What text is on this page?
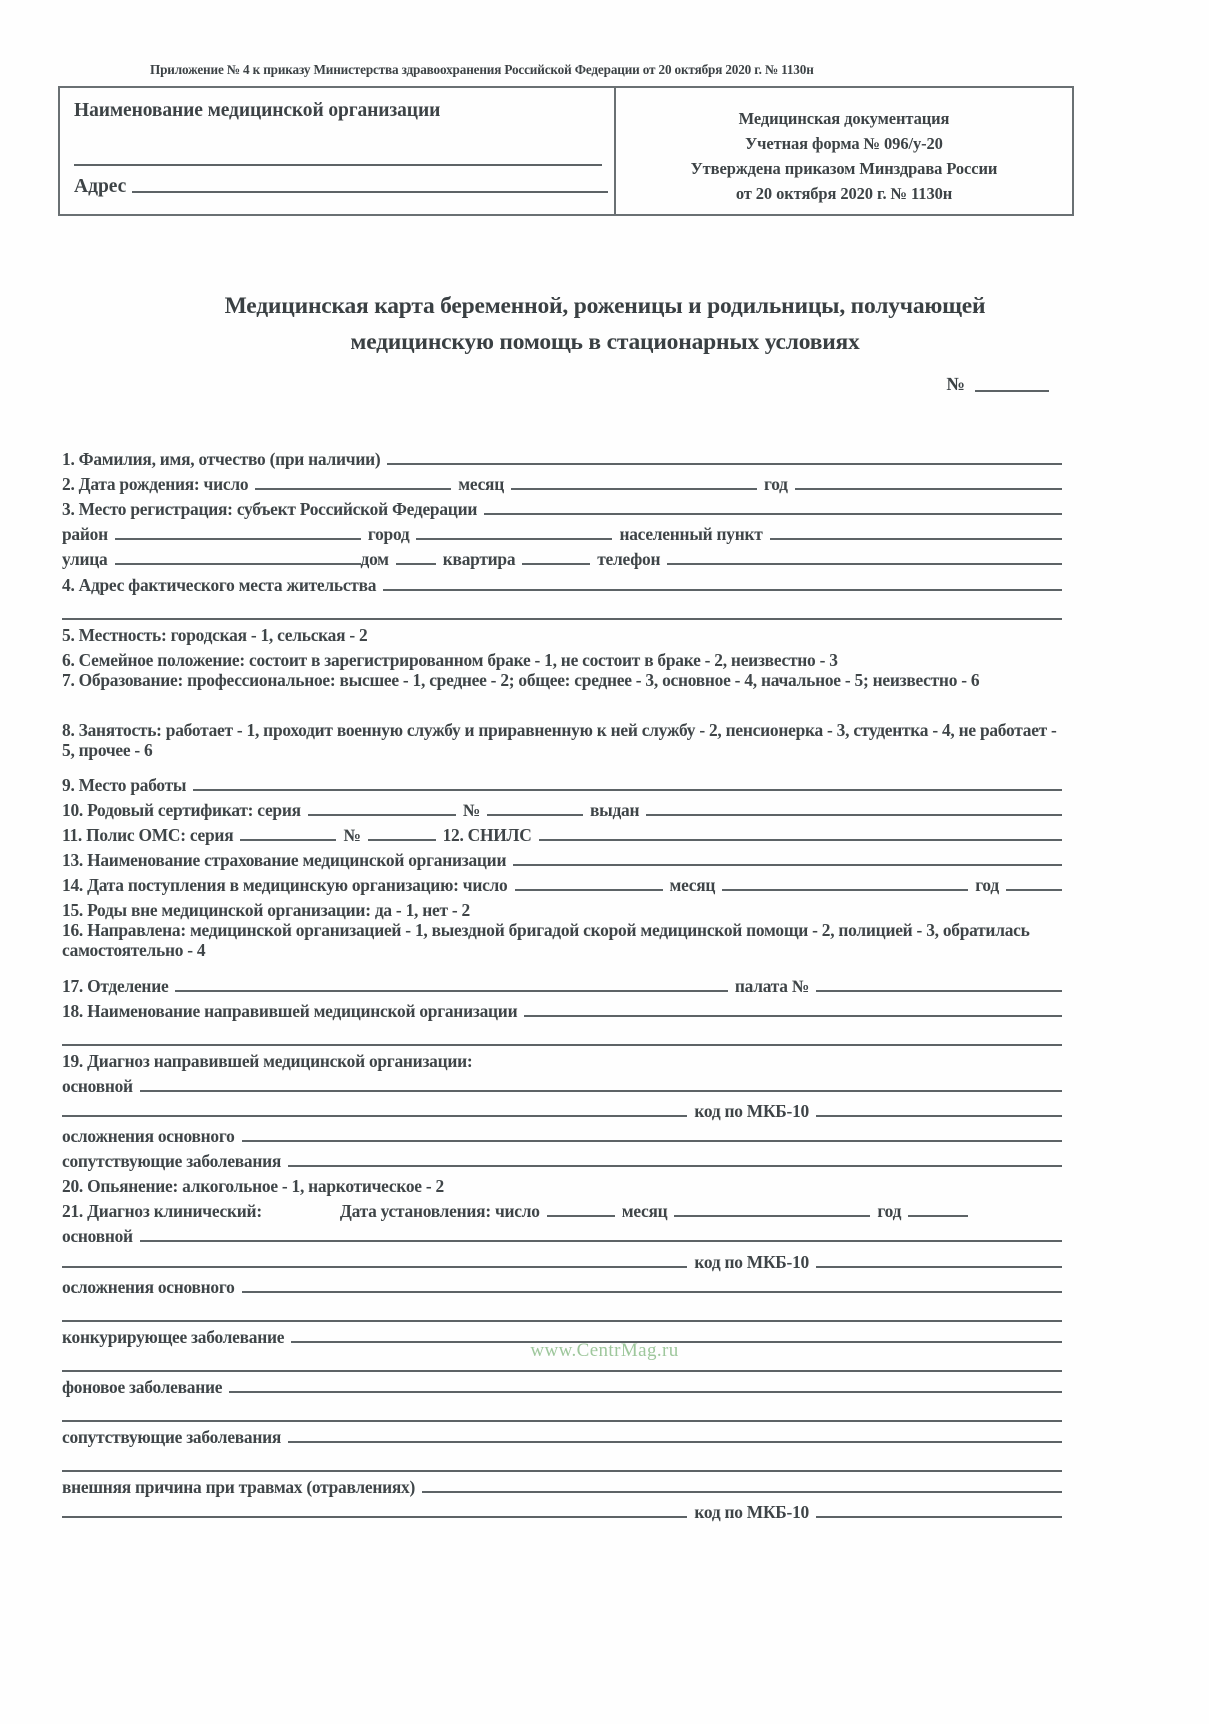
Приложение № 4 к приказу Министерства здравоохранения Российской Федерации от 20 октября 2020 г. № 1130н
Наименование медицинской организации
Адрес
Медицинская документация
Учетная форма № 096/у-20
Утверждена приказом Минздрава России
от 20 октября 2020 г. № 1130н
Медицинская карта беременной, роженицы и родильницы, получающей
медицинскую помощь в стационарных условиях
№
1. Фамилия, имя, отчество (при наличии)
2. Дата рождения: число	месяц	год
3. Место регистрация: субъект Российской Федерации
район	город	населенный пункт
улица	дом	квартира	телефон
4. Адрес фактического места жительства
5. Местность: городская - 1, сельская - 2
6. Семейное положение: состоит в зарегистрированном браке - 1, не состоит в браке - 2, неизвестно - 3
7. Образование: профессиональное: высшее - 1, среднее - 2; общее: среднее - 3, основное - 4, начальное - 5; неизвестно - 6
8. Занятость: работает - 1, проходит военную службу и приравненную к ней службу - 2, пенсионерка - 3, студентка - 4, не работает - 5, прочее - 6
9. Место работы
10. Родовый сертификат: серия	№	выдан
11. Полис ОМС: серия	№	12. СНИЛС
13. Наименование страхование медицинской организации
14. Дата поступления в медицинскую организацию: число	месяц	год
15. Роды вне медицинской организации: да - 1, нет - 2
16. Направлена: медицинской организацией - 1, выездной бригадой скорой медицинской помощи - 2, полицией - 3, обратилась самостоятельно - 4
17. Отделение	палата №
18. Наименование направившей медицинской организации
19. Диагноз направившей медицинской организации:
основной
код по МКБ-10
осложнения основного
сопутствующие заболевания
20. Опьянение: алкогольное - 1, наркотическое - 2
21. Диагноз клинический:	Дата установления: число	месяц	год
основной
код по МКБ-10
осложнения основного
конкурирующее заболевание
фоновое заболевание
сопутствующие заболевания
внешняя причина при травмах (отравлениях)
код по МКБ-10
www.CentrMag.ru
